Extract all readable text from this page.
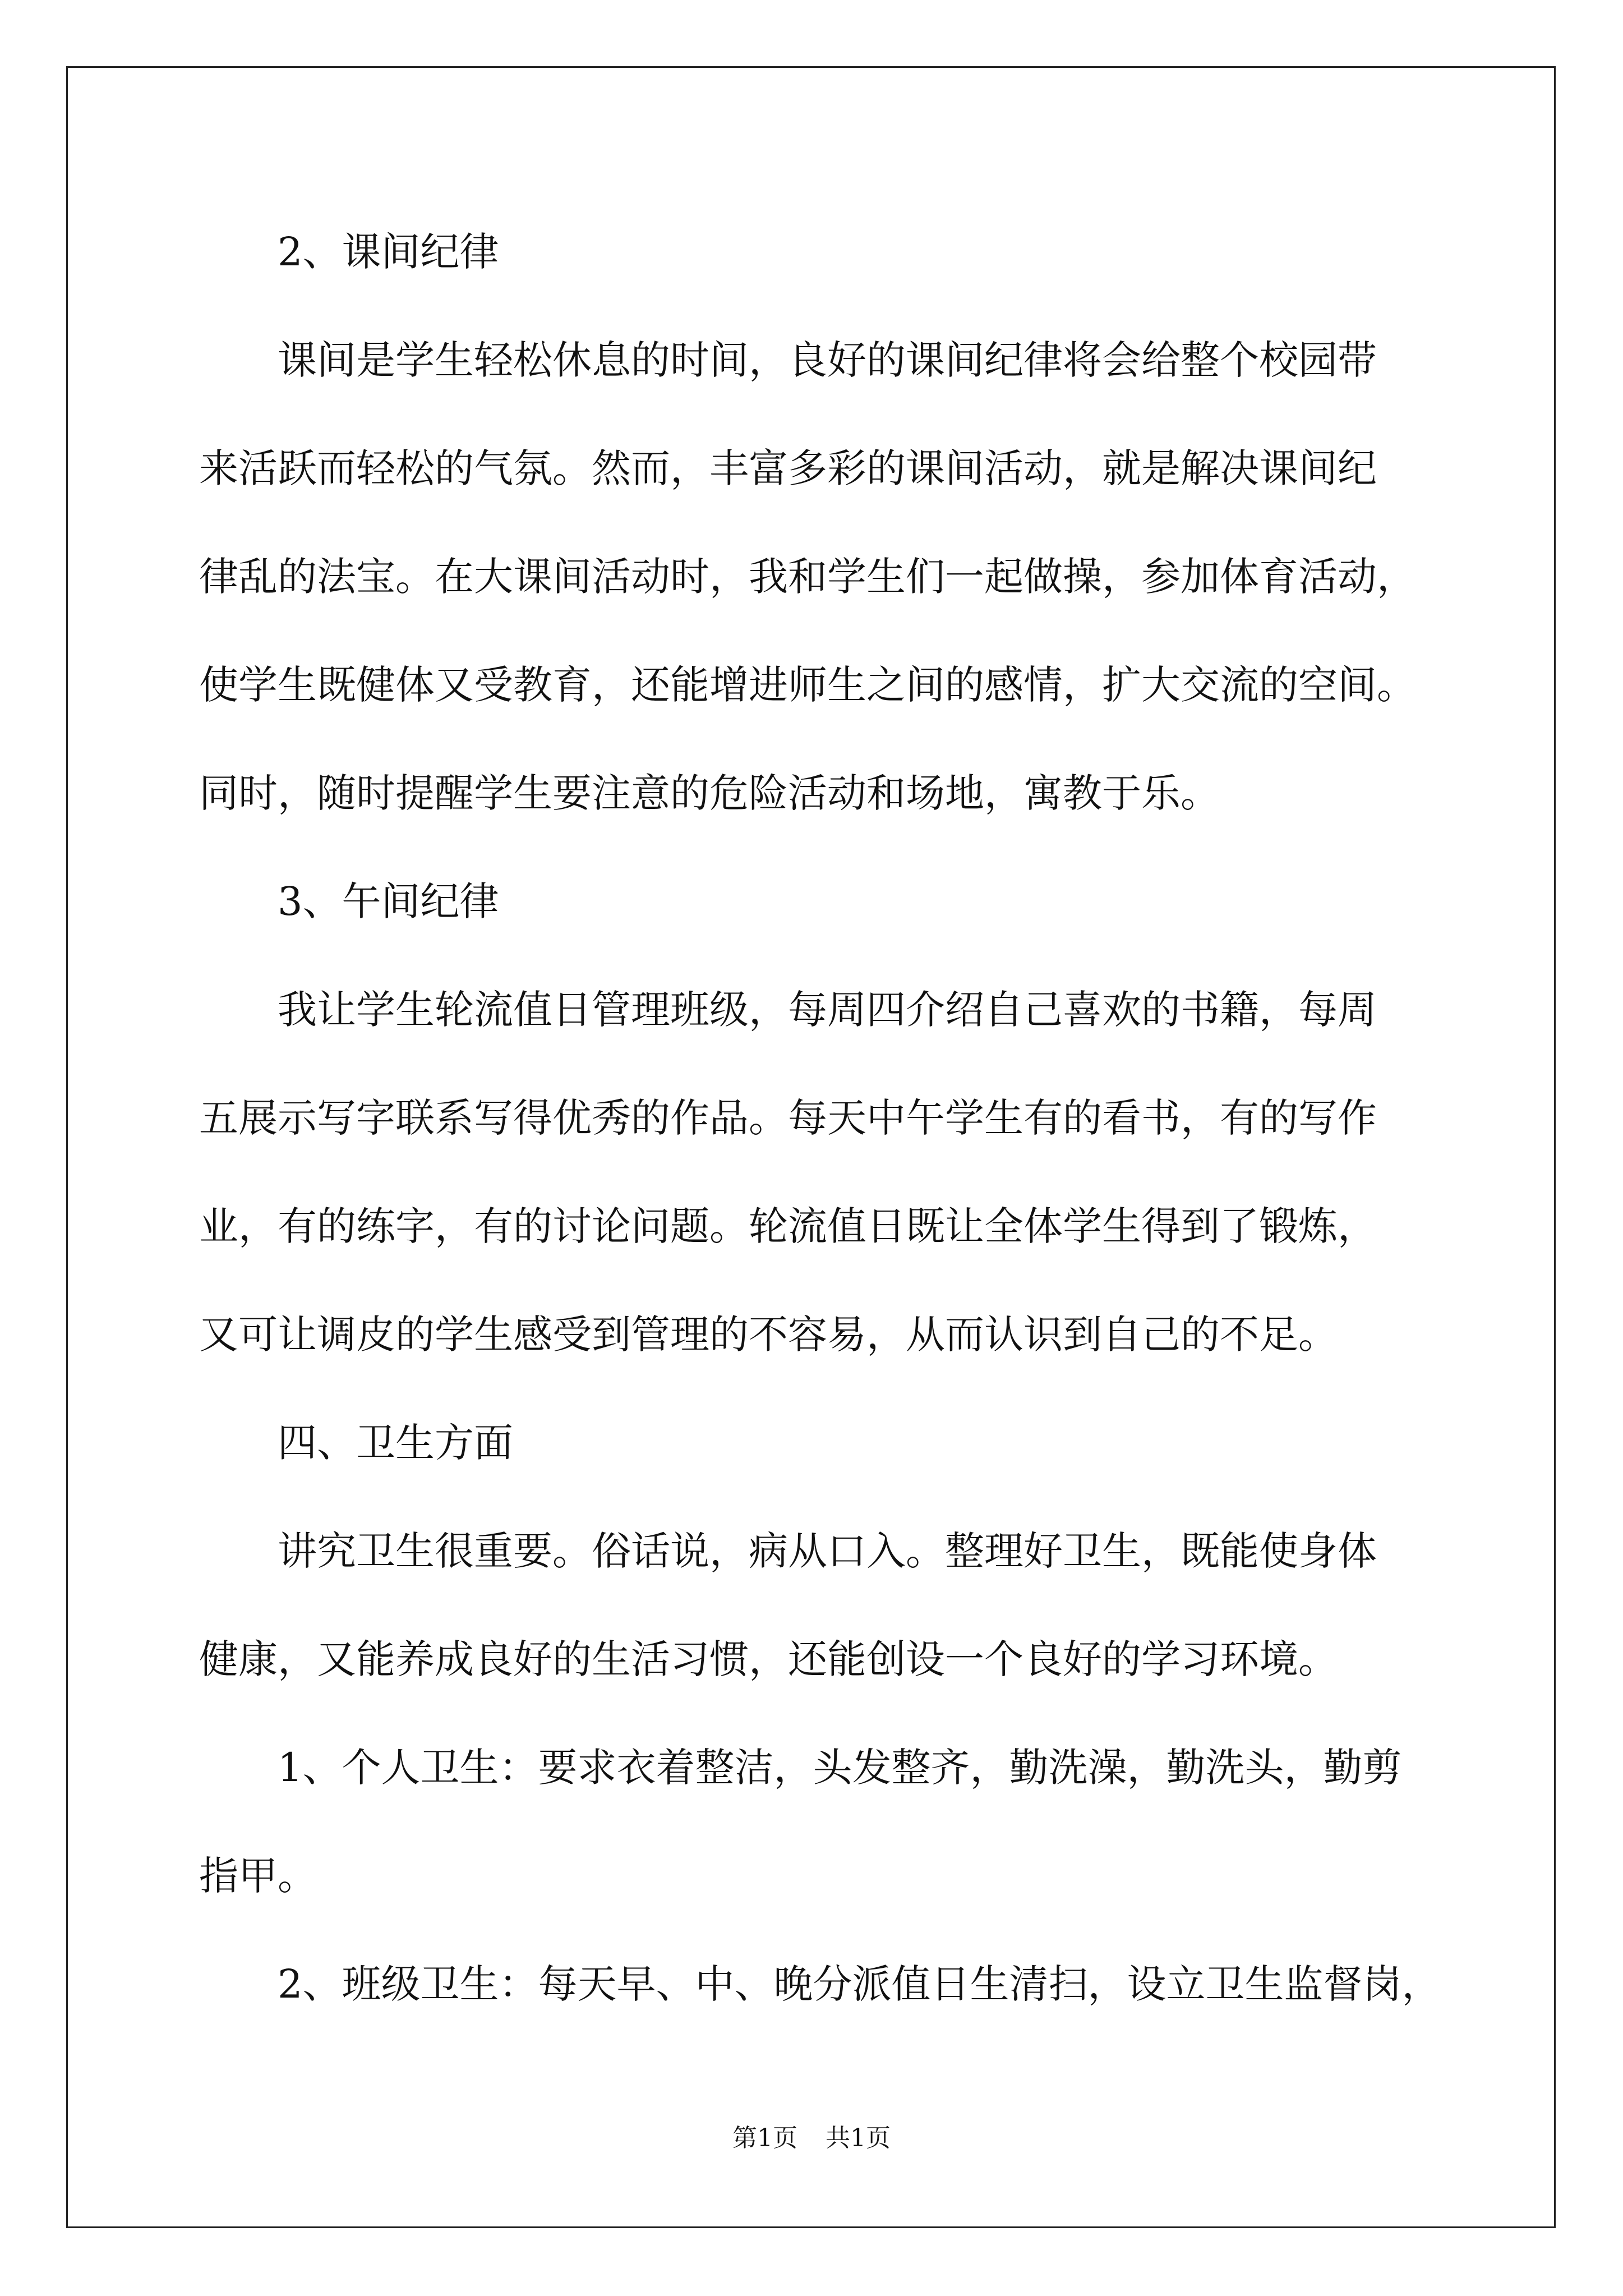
2、课间纪律
课间是学生轻松休息的时间，良好的课间纪律将会给整个校园带
来活跃而轻松的气氛。然而，丰富多彩的课间活动，就是解决课间纪
律乱的法宝。在大课间活动时，我和学生们一起做操，参加体育活动，
使学生既健体又受教育，还能增进师生之间的感情，扩大交流的空间。
同时，随时提醒学生要注意的危险活动和场地，寓教于乐。
3、午间纪律
我让学生轮流值日管理班级，每周四介绍自己喜欢的书籍，每周
五展示写字联系写得优秀的作品。每天中午学生有的看书，有的写作
业，有的练字，有的讨论问题。轮流值日既让全体学生得到了锻炼，
又可让调皮的学生感受到管理的不容易，从而认识到自己的不足。
四、卫生方面
讲究卫生很重要。俗话说，病从口入。整理好卫生，既能使身体
健康，又能养成良好的生活习惯，还能创设一个良好的学习环境。
1、个人卫生：要求衣着整洁，头发整齐，勤洗澡，勤洗头，勤剪
指甲。
2、班级卫生：每天早、中、晚分派值日生清扫，设立卫生监督岗，
第1页 共1页
